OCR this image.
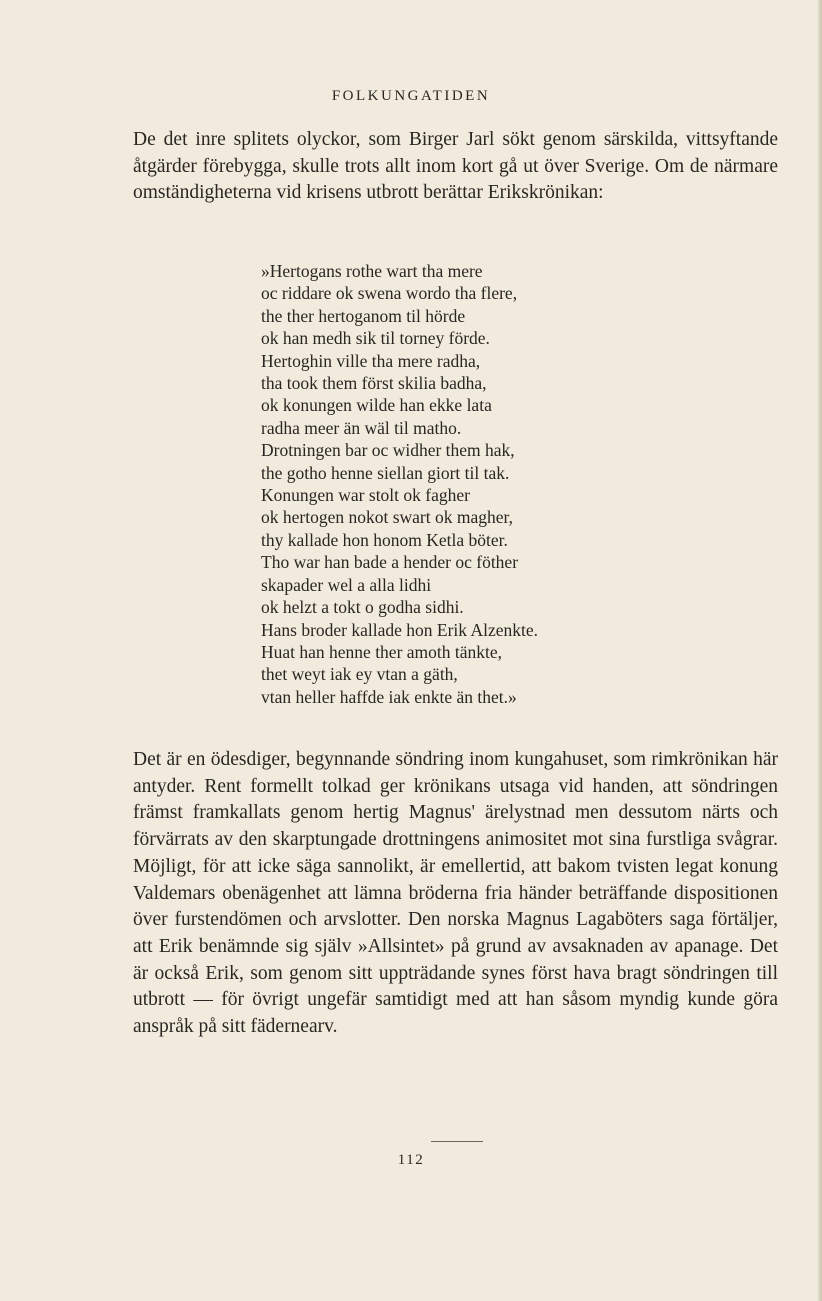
FOLKUNGATIDEN

De det inre splitets olyckor, som Birger Jarl sökt genom särskilda, vittsyftande åtgärder förebygga, skulle trots allt inom kort gå ut över Sverige. Om de närmare omständigheterna vid krisens utbrott berättar Erikskrönikan:

»Hertogans rothe wart tha mere
oc riddare ok swena wordo tha flere,
the ther hertoganom til hörde
ok han medh sik til torney förde.
Hertoghin ville tha mere radha,
tha took them först skilia badha,
ok konungen wilde han ekke lata
radha meer än wäl til matho.
Drotningen bar oc widher them hak,
the gotho henne siellan giort til tak.
Konungen war stolt ok fagher
ok hertogen nokot swart ok magher,
thy kallade hon honom Ketla böter.
Tho war han bade a hender oc föther
skapader wel a alla lidhi
ok helzt a tokt o godha sidhi.
Hans broder kallade hon Erik Alzenkte.
Huat han henne ther amoth tänkte,
thet weyt iak ey vtan a gäth,
vtan heller haffde iak enkte än thet.»

Det är en ödesdiger, begynnande söndring inom kungahuset, som rimkrönikan här antyder. Rent formellt tolkad ger krönikans utsaga vid handen, att söndringen främst framkallats genom hertig Magnus' ärelystnad men dessutom närts och förvärrats av den skarptungade drottningens animositet mot sina furstliga svågrar. Möjligt, för att icke säga sannolikt, är emellertid, att bakom tvisten legat konung Valdemars obenägenhet att lämna bröderna fria händer beträffande dispositionen över furstendömen och arvslotter. Den norska Magnus Lagaböters saga förtäljer, att Erik benämnde sig själv »Allsintet» på grund av avsaknaden av apanage. Det är också Erik, som genom sitt uppträdande synes först hava bragt söndringen till utbrott — för övrigt ungefär samtidigt med att han såsom myndig kunde göra anspråk på sitt fädernearv.

112
